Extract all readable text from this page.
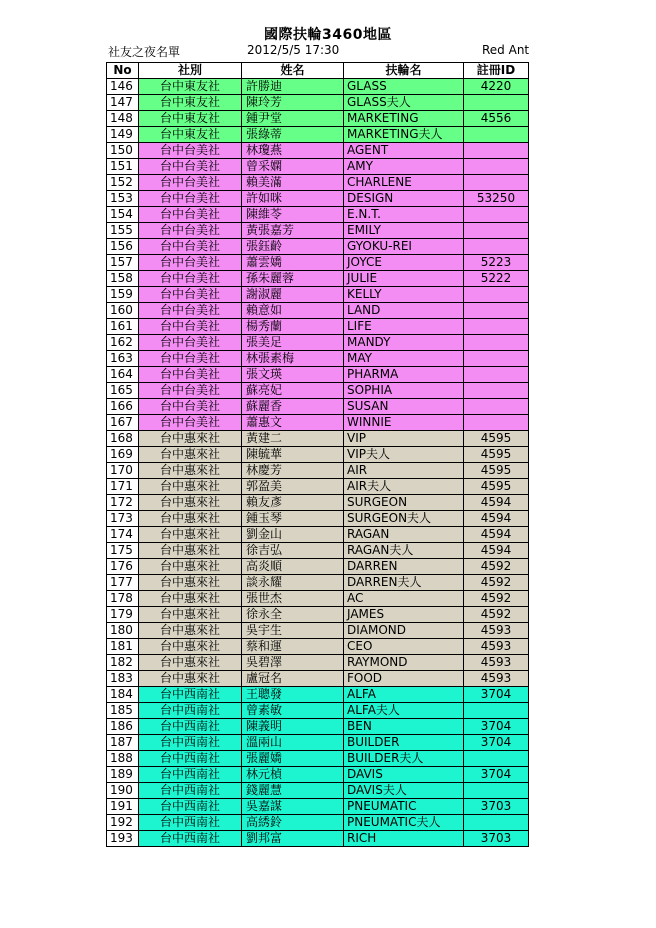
國際扶輪3460地區
社友之夜名單	2012/5/5 17:30	Red Ant
No	社別	姓名	扶輪名	註冊ID
146	台中東友社	許勝迪	GLASS	4220
147	台中東友社	陳玲芳	GLASS夫人	
148	台中東友社	鍾尹堂	MARKETING	4556
149	台中東友社	張綠蒂	MARKETING夫人	
150	台中台美社	林瓊燕	AGENT	
151	台中台美社	曾采嫻	AMY	
152	台中台美社	賴美滿	CHARLENE	
153	台中台美社	許如咪	DESIGN	53250
154	台中台美社	陳維苓	E.N.T.	
155	台中台美社	黃張嘉芳	EMILY	
156	台中台美社	張鈺齡	GYOKU-REI	
157	台中台美社	蕭雲嬌	JOYCE	5223
158	台中台美社	孫朱麗蓉	JULIE	5222
159	台中台美社	謝淑麗	KELLY	
160	台中台美社	賴意如	LAND	
161	台中台美社	楊秀蘭	LIFE	
162	台中台美社	張美足	MANDY	
163	台中台美社	林張素梅	MAY	
164	台中台美社	張文瑛	PHARMA	
165	台中台美社	蘇亮妃	SOPHIA	
166	台中台美社	蘇麗香	SUSAN	
167	台中台美社	蕭惠文	WINNIE	
168	台中惠來社	黃建二	VIP	4595
169	台中惠來社	陳毓華	VIP夫人	4595
170	台中惠來社	林慶芳	AIR	4595
171	台中惠來社	郭盈美	AIR夫人	4595
172	台中惠來社	賴友彥	SURGEON	4594
173	台中惠來社	鍾玉琴	SURGEON夫人	4594
174	台中惠來社	劉金山	RAGAN	4594
175	台中惠來社	徐吉弘	RAGAN夫人	4594
176	台中惠來社	高炎順	DARREN	4592
177	台中惠來社	談永耀	DARREN夫人	4592
178	台中惠來社	張世杰	AC	4592
179	台中惠來社	徐永全	JAMES	4592
180	台中惠來社	吳宇生	DIAMOND	4593
181	台中惠來社	蔡和運	CEO	4593
182	台中惠來社	吳碧澤	RAYMOND	4593
183	台中惠來社	盧冠名	FOOD	4593
184	台中西南社	王聰發	ALFA	3704
185	台中西南社	曾素敏	ALFA夫人	
186	台中西南社	陳義明	BEN	3704
187	台中西南社	溫兩山	BUILDER	3704
188	台中西南社	張麗嬌	BUILDER夫人	
189	台中西南社	林元楨	DAVIS	3704
190	台中西南社	錢麗慧	DAVIS夫人	
191	台中西南社	吳嘉謀	PNEUMATIC	3703
192	台中西南社	高綉鈴	PNEUMATIC夫人	
193	台中西南社	劉邦富	RICH	3703
